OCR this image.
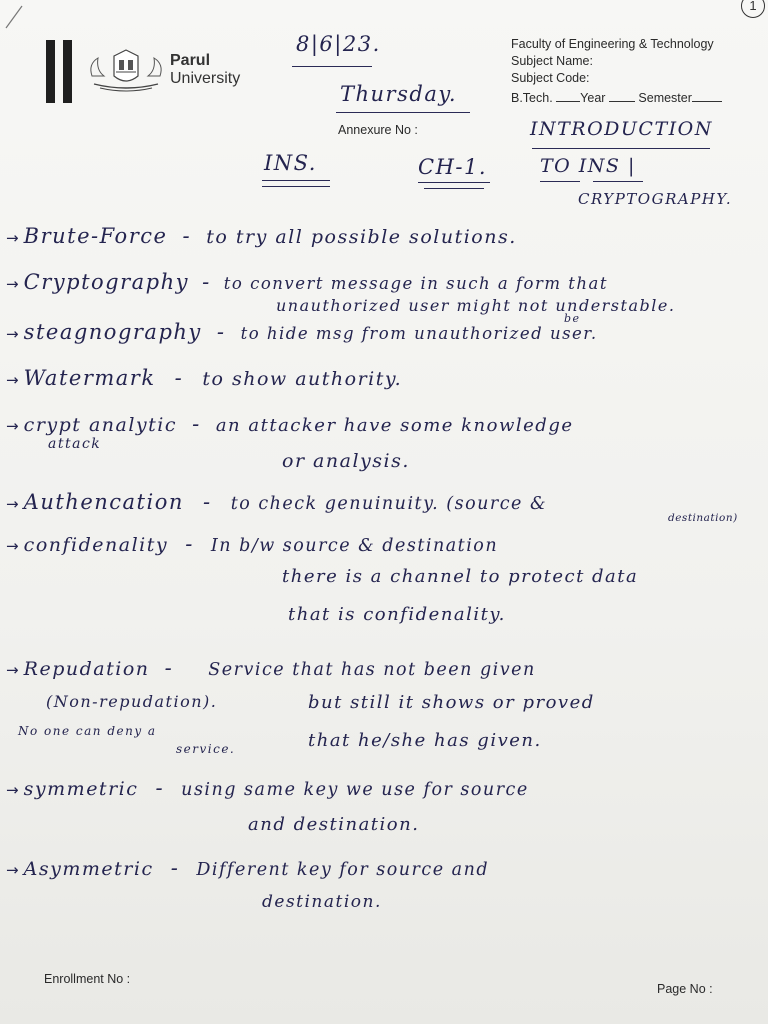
1
Parul
University
Faculty of Engineering & Technology
Subject Name:
Subject Code:
B.Tech. Year	Semester
Annexure No :
8|6|23.
Thursday.
INTRODUCTION
INS.	CH-1.	TO INS |
CRYPTOGRAPHY.
→ Brute-Force - to try all possible solutions.
→ Cryptography - to convert message in such a form that
unauthorized user might not understable.
be
→ steagnography - to hide msg from unauthorized user.
→ Watermark - to show authority.
→ crypt analytic - an attacker have some knowledge
attack
or analysis.
→ Authencation - to check genuinuity. (source &
destination)
→ confidenality - In b/w source & destination
there is a channel to protect data
that is confidenality.
→ Repudation - Service that has not been given
(Non-repudation).	but still it shows or proved
No one can deny a
service.	that he/she has given.
→ symmetric - using same key we use for source
and destination.
→ Asymmetric - Different key for source and
destination.
Enrollment No :
Page No :
